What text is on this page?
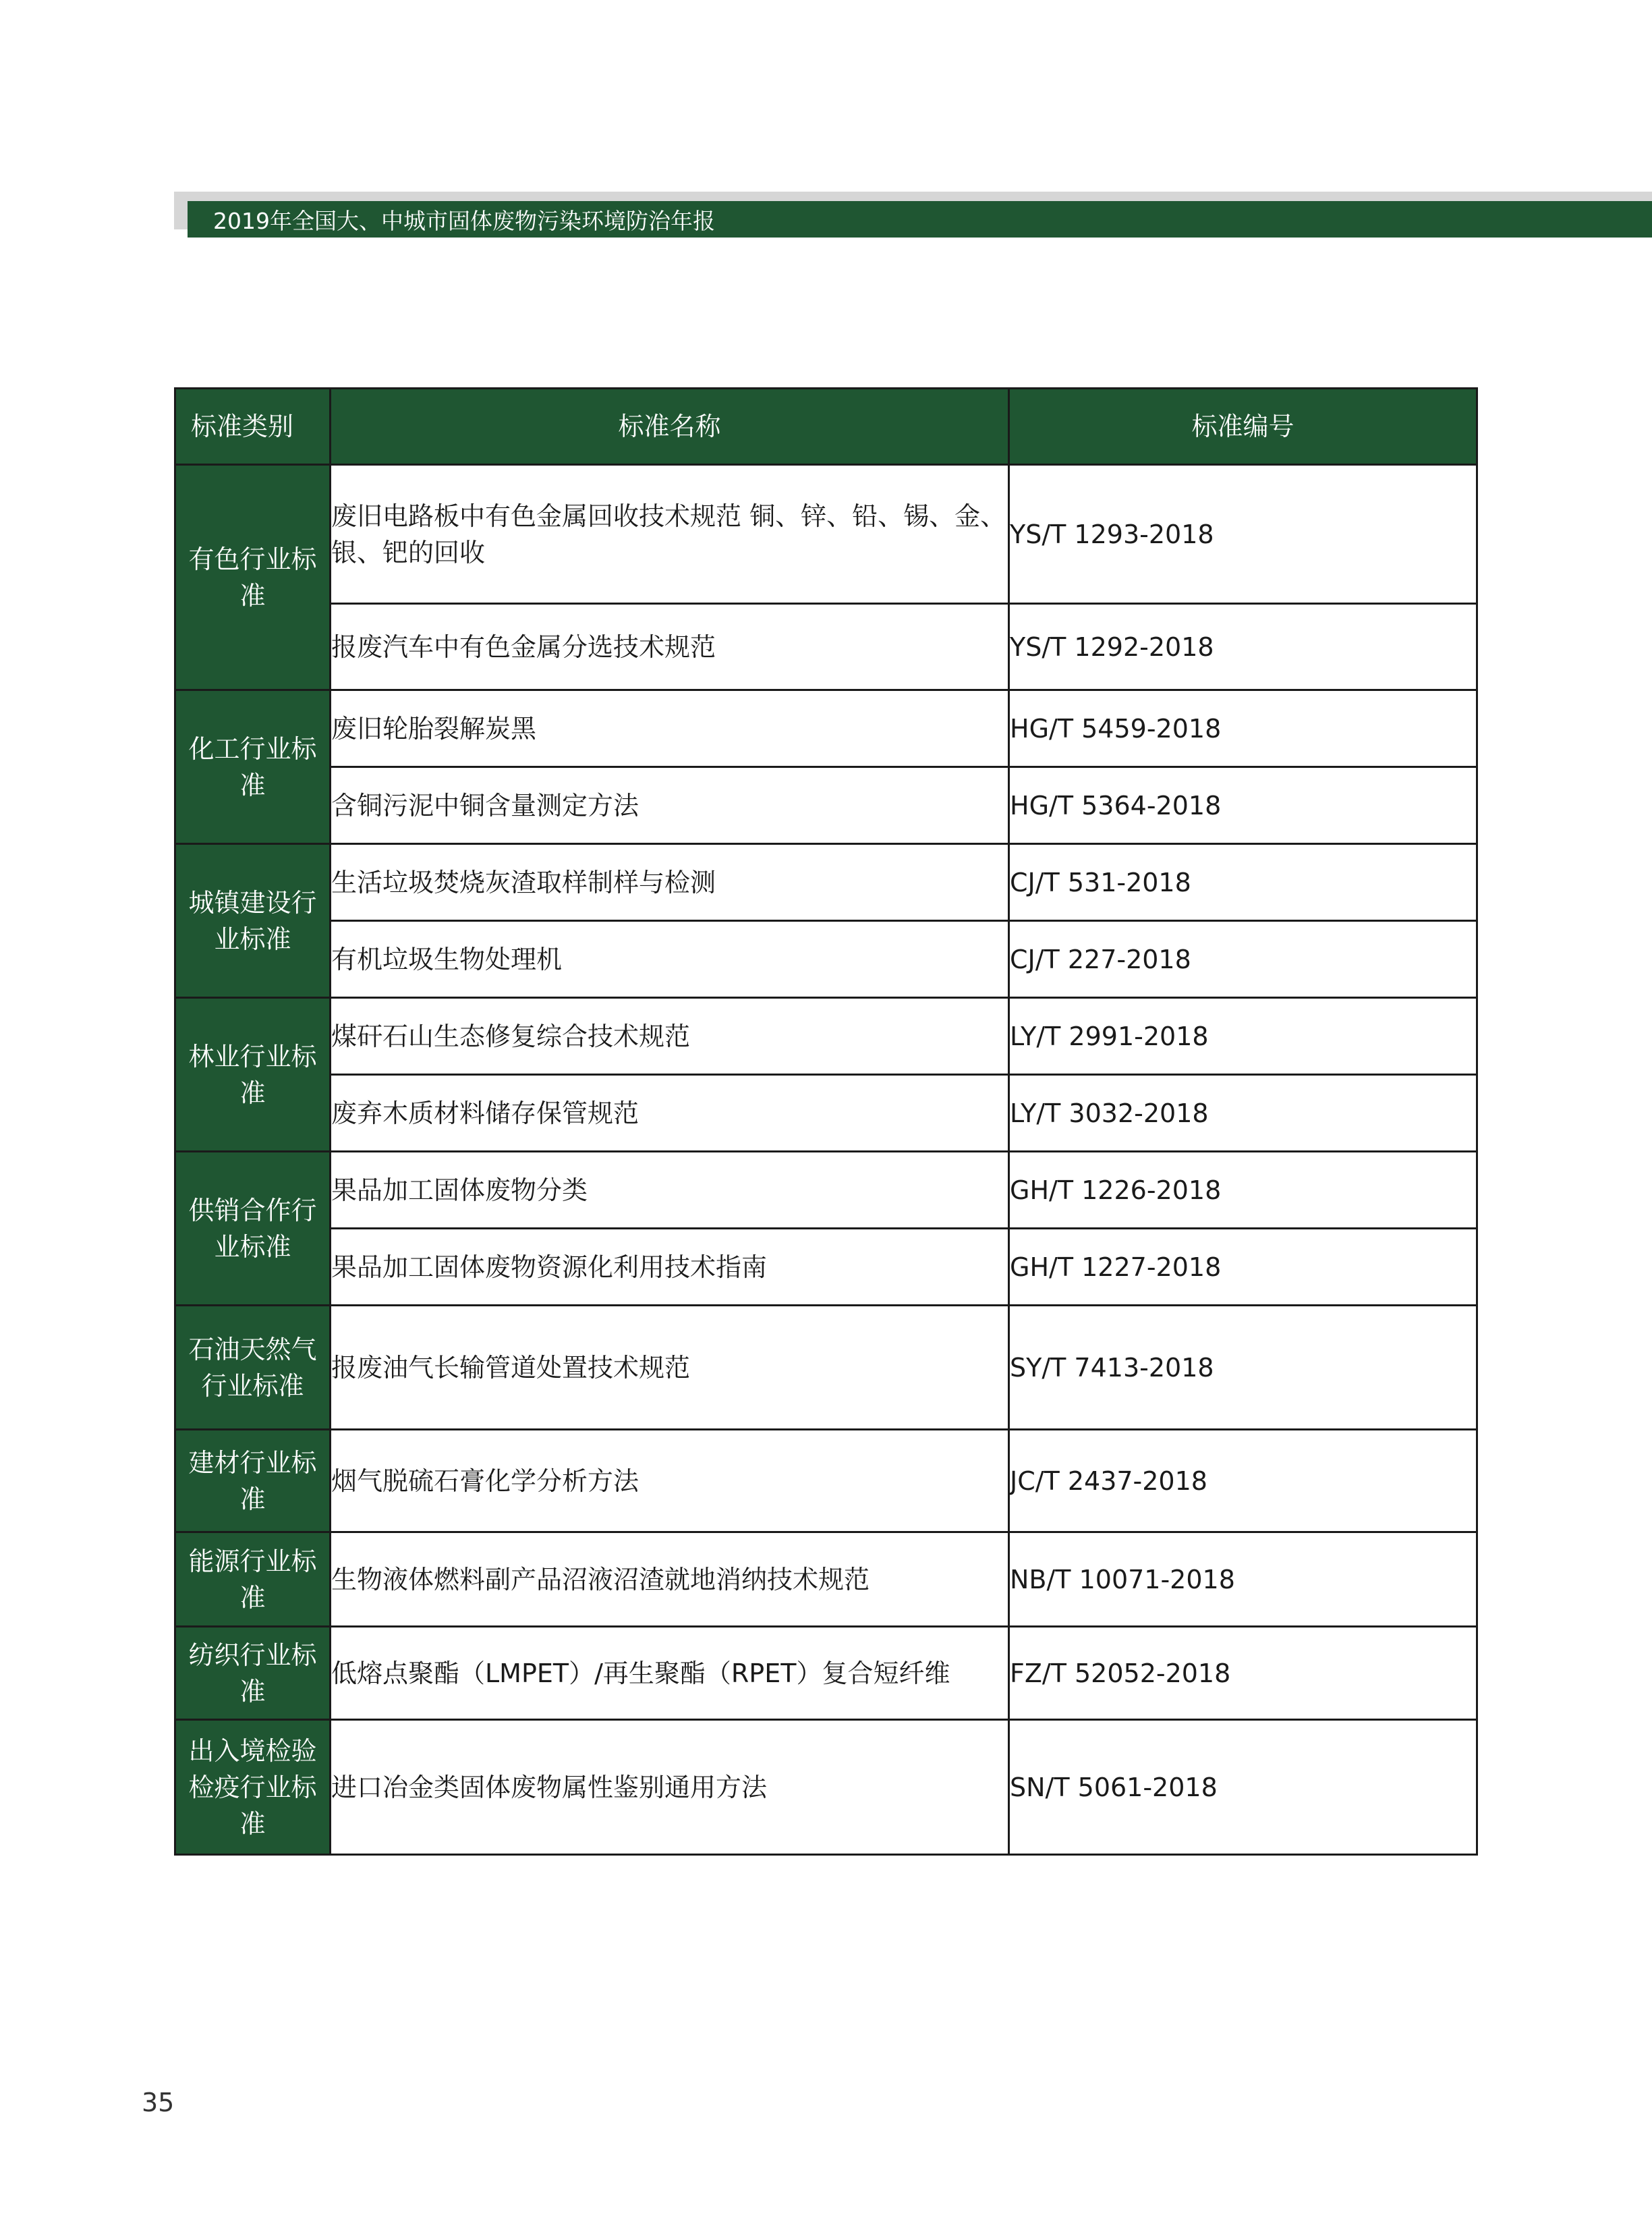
2019年全国大、中城市固体废物污染环境防治年报
标准类别	标准名称	标准编号
有色行业标准	废旧电路板中有色金属回收技术规范 铜、锌、铅、锡、金、银、钯的回收	YS/T 1293-2018
	报废汽车中有色金属分选技术规范	YS/T 1292-2018
化工行业标准	废旧轮胎裂解炭黑	HG/T 5459-2018
	含铜污泥中铜含量测定方法	HG/T 5364-2018
城镇建设行业标准	生活垃圾焚烧灰渣取样制样与检测	CJ/T 531-2018
	有机垃圾生物处理机	CJ/T 227-2018
林业行业标准	煤矸石山生态修复综合技术规范	LY/T 2991-2018
	废弃木质材料储存保管规范	LY/T 3032-2018
供销合作行业标准	果品加工固体废物分类	GH/T 1226-2018
	果品加工固体废物资源化利用技术指南	GH/T 1227-2018
石油天然气行业标准	报废油气长输管道处置技术规范	SY/T 7413-2018
建材行业标准	烟气脱硫石膏化学分析方法	JC/T 2437-2018
能源行业标准	生物液体燃料副产品沼液沼渣就地消纳技术规范	NB/T 10071-2018
纺织行业标准	低熔点聚酯（LMPET）/再生聚酯（RPET）复合短纤维	FZ/T 52052-2018
出入境检验检疫行业标准	进口冶金类固体废物属性鉴别通用方法	SN/T 5061-2018
35
